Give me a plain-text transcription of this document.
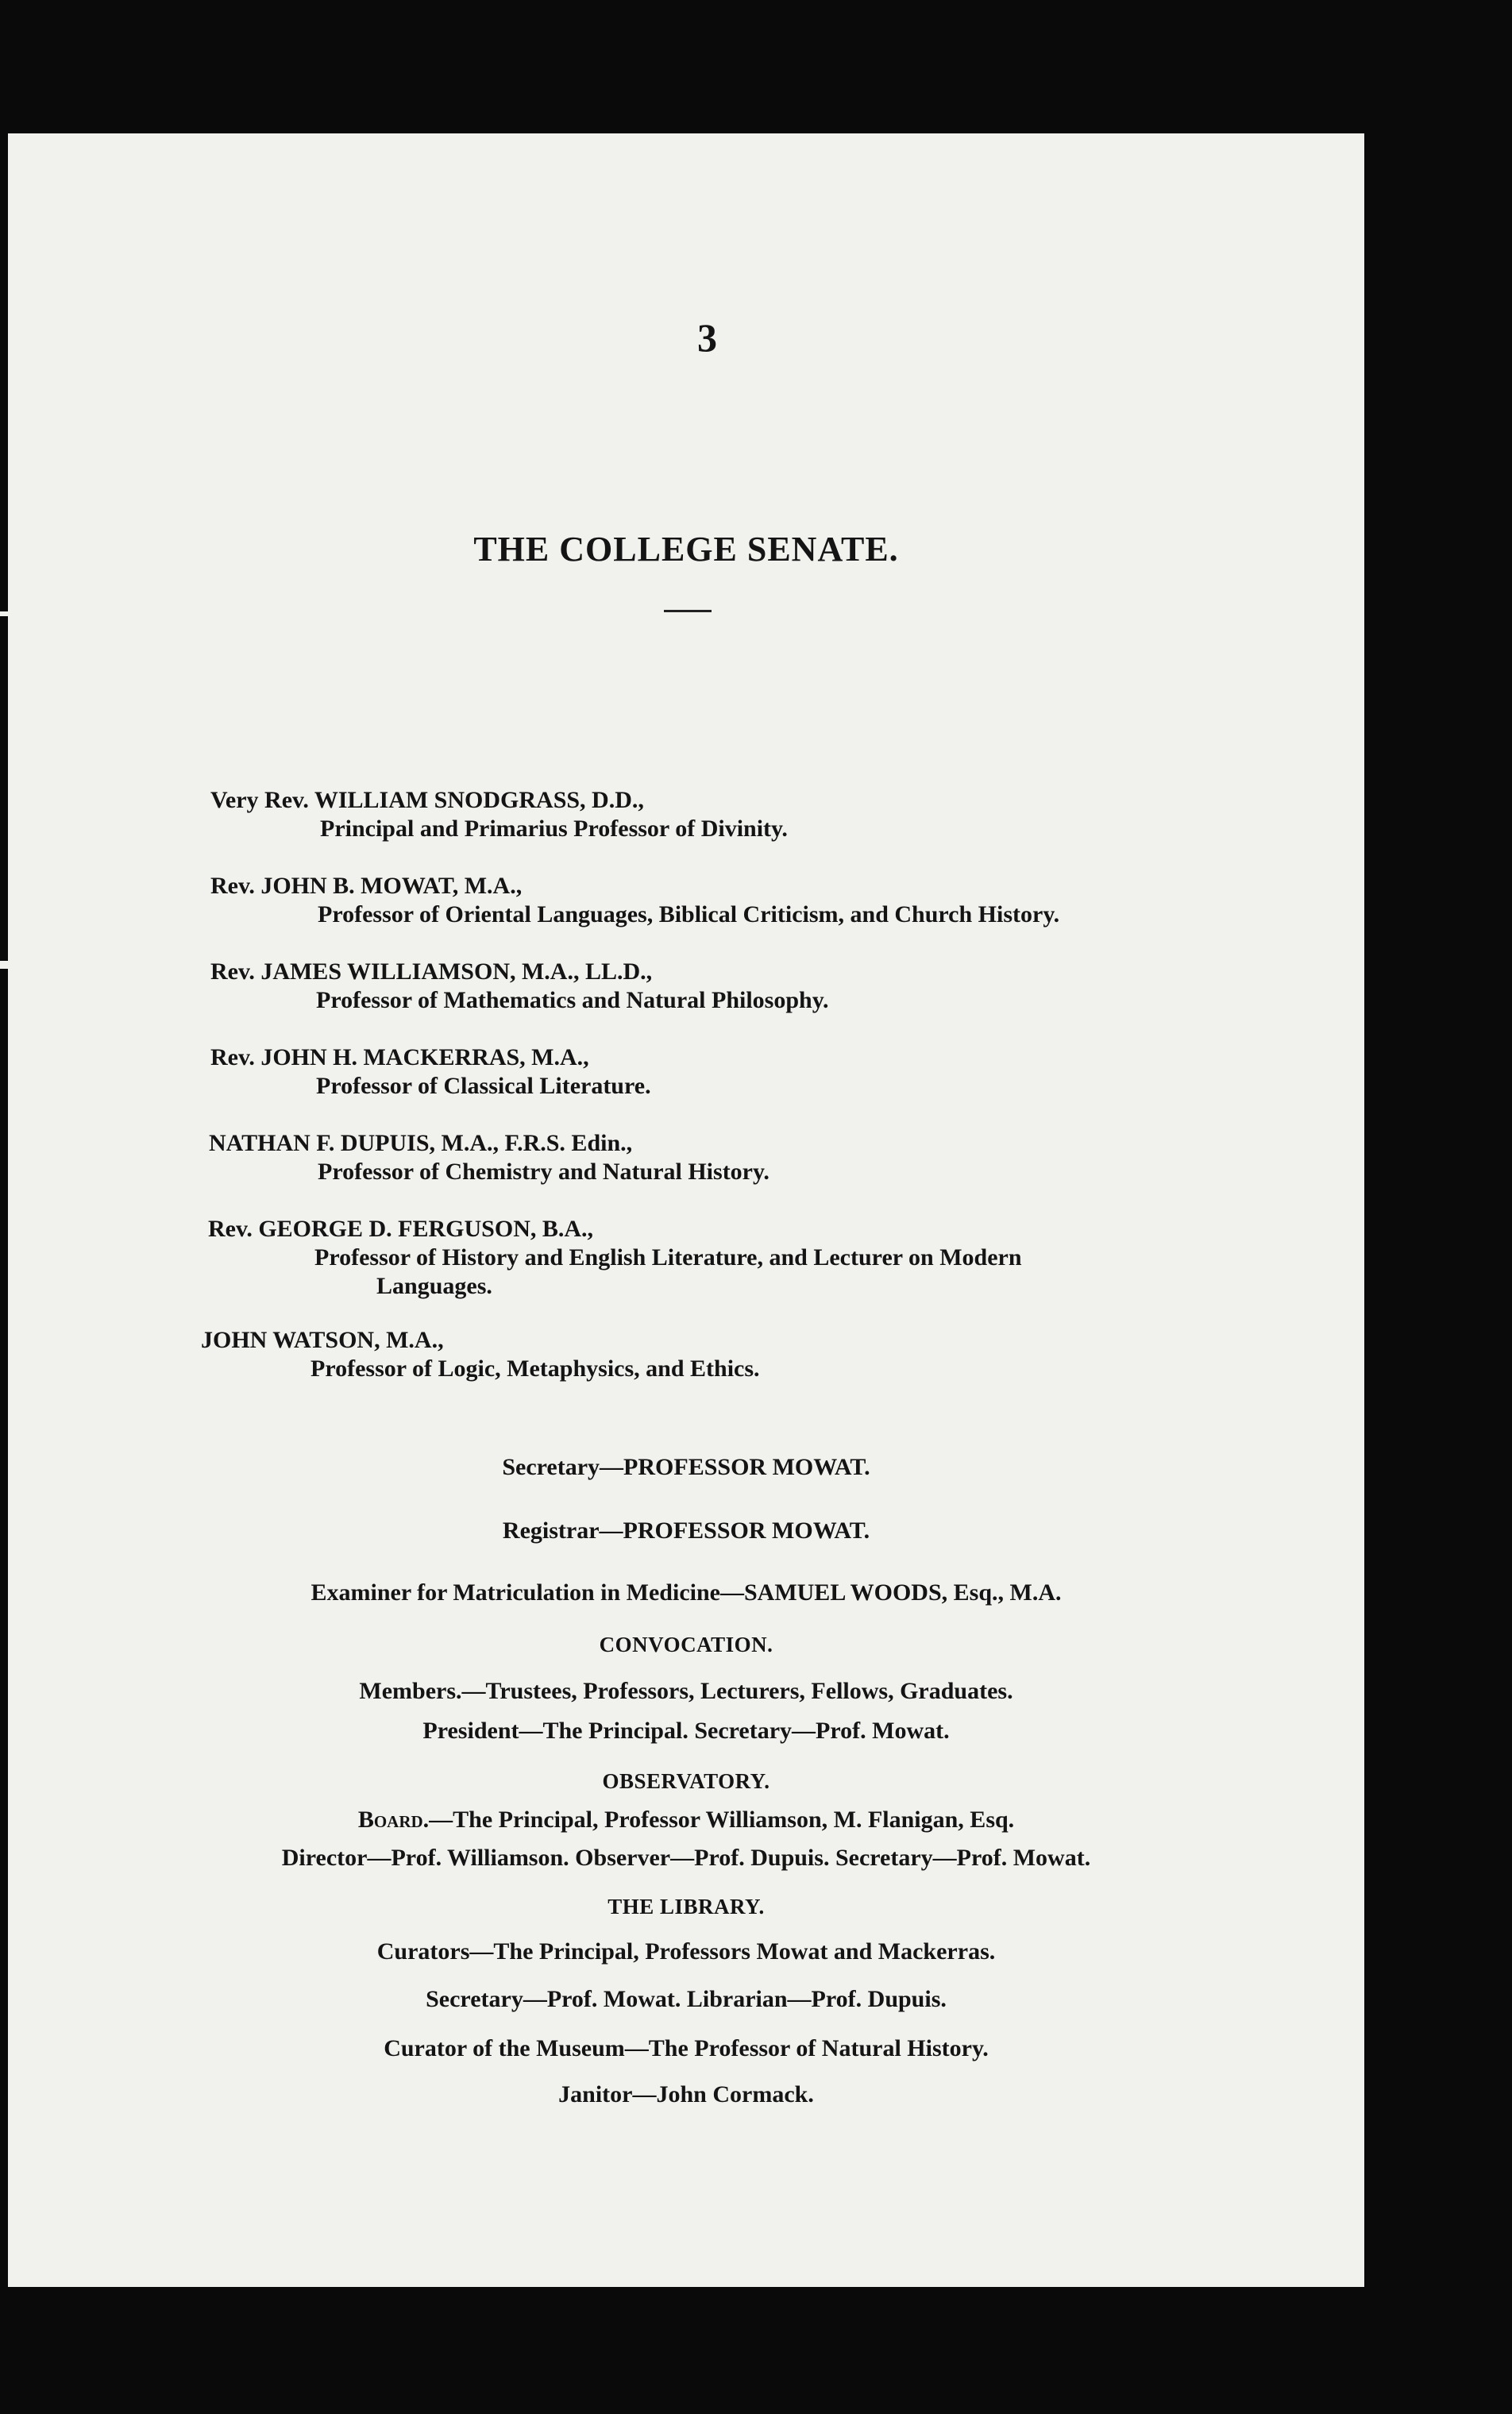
3
THE COLLEGE SENATE.
Very Rev. WILLIAM SNODGRASS, D.D.,
Principal and Primarius Professor of Divinity.
Rev. JOHN B. MOWAT, M.A.,
Professor of Oriental Languages, Biblical Criticism, and Church History.
Rev. JAMES WILLIAMSON, M.A., LL.D.,
Professor of Mathematics and Natural Philosophy.
Rev. JOHN H. MACKERRAS, M.A.,
Professor of Classical Literature.
NATHAN F. DUPUIS, M.A., F.R.S. Edin.,
Professor of Chemistry and Natural History.
Rev. GEORGE D. FERGUSON, B.A.,
Professor of History and English Literature, and Lecturer on Modern
Languages.
JOHN WATSON, M.A.,
Professor of Logic, Metaphysics, and Ethics.
Secretary—PROFESSOR MOWAT.
Registrar—PROFESSOR MOWAT.
Examiner for Matriculation in Medicine—SAMUEL WOODS, Esq., M.A.
CONVOCATION.
Members.—Trustees, Professors, Lecturers, Fellows, Graduates.
President—The Principal. Secretary—Prof. Mowat.
OBSERVATORY.
Board.—The Principal, Professor Williamson, M. Flanigan, Esq.
Director—Prof. Williamson. Observer—Prof. Dupuis. Secretary—Prof. Mowat.
THE LIBRARY.
Curators—The Principal, Professors Mowat and Mackerras.
Secretary—Prof. Mowat. Librarian—Prof. Dupuis.
Curator of the Museum—The Professor of Natural History.
Janitor—John Cormack.
